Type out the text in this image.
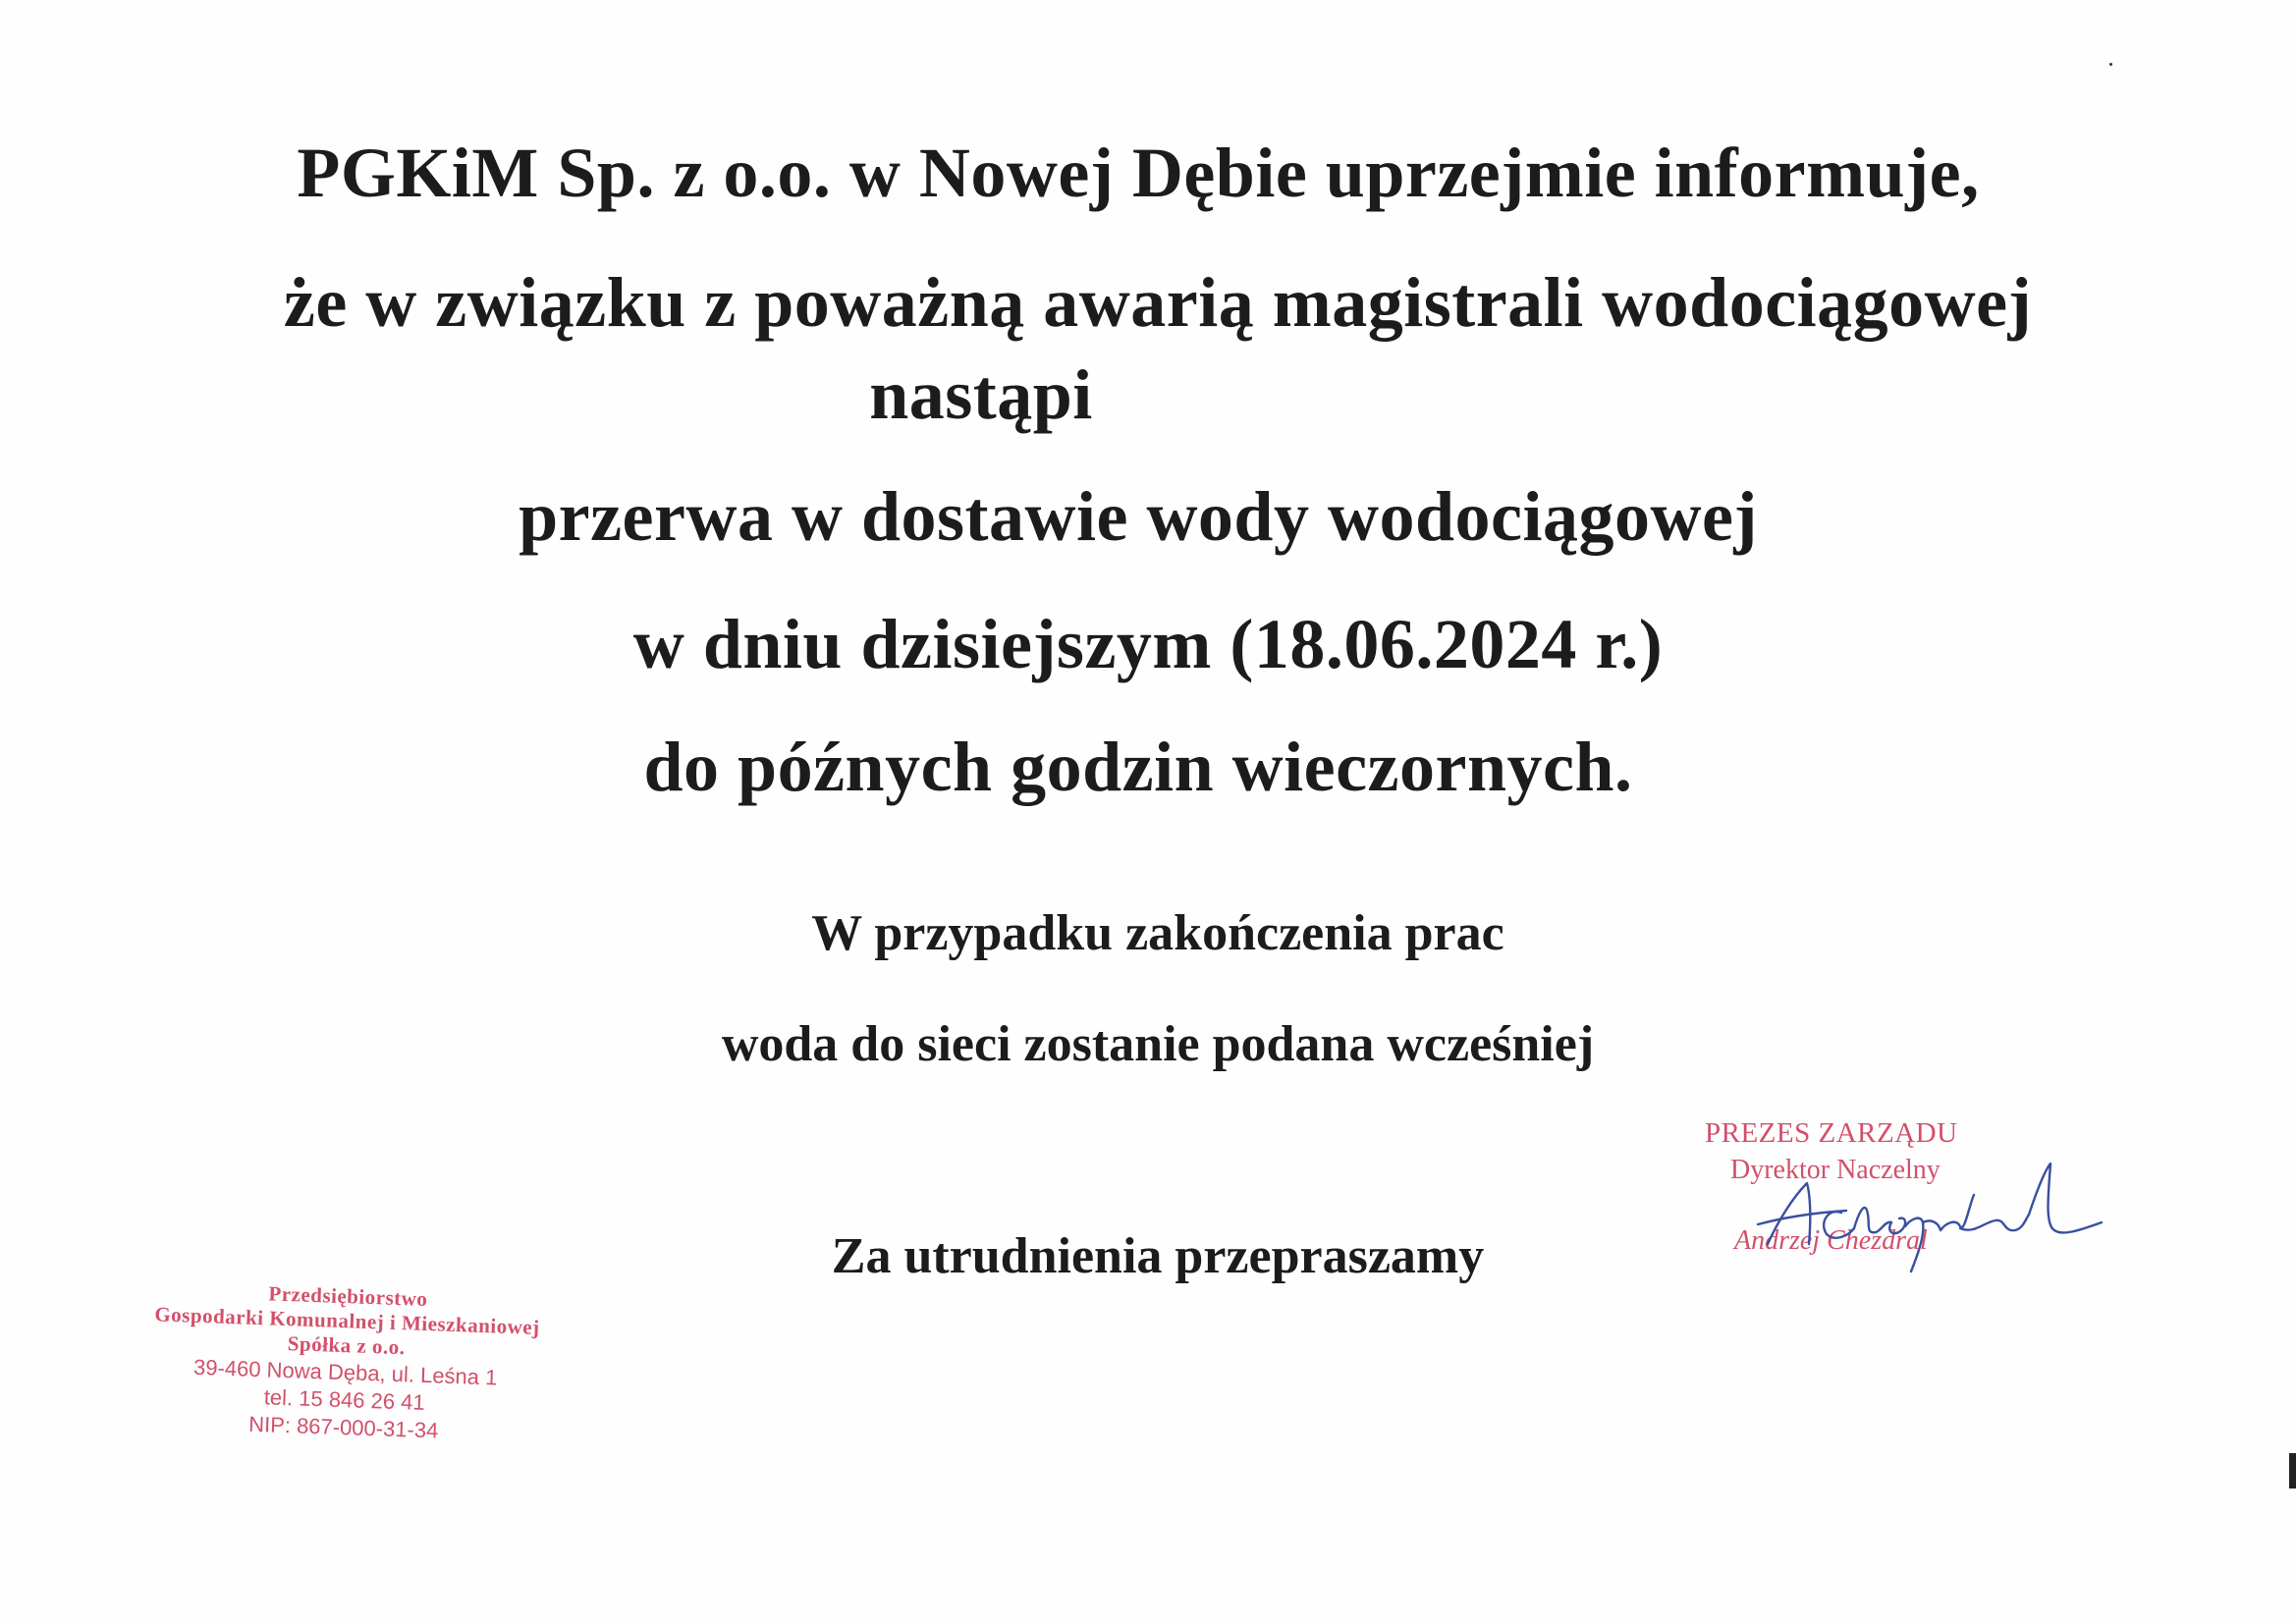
PGKiM Sp. z o.o. w Nowej Dębie uprzejmie informuje,
że w związku z poważną awarią magistrali wodociągowej
nastąpi
przerwa w dostawie wody wodociągowej
w dniu dzisiejszym (18.06.2024 r.)
do późnych godzin wieczornych.
W przypadku zakończenia prac
woda do sieci zostanie podana wcześniej
Za utrudnienia przepraszamy
Przedsiębiorstwo
Gospodarki Komunalnej i Mieszkaniowej
Spółka z o.o.
39-460 Nowa Dęba, ul. Leśna 1
tel. 15 846 26 41
NIP: 867-000-31-34
PREZES ZARZĄDU
Dyrektor Naczelny
Andrzej Chezdral
